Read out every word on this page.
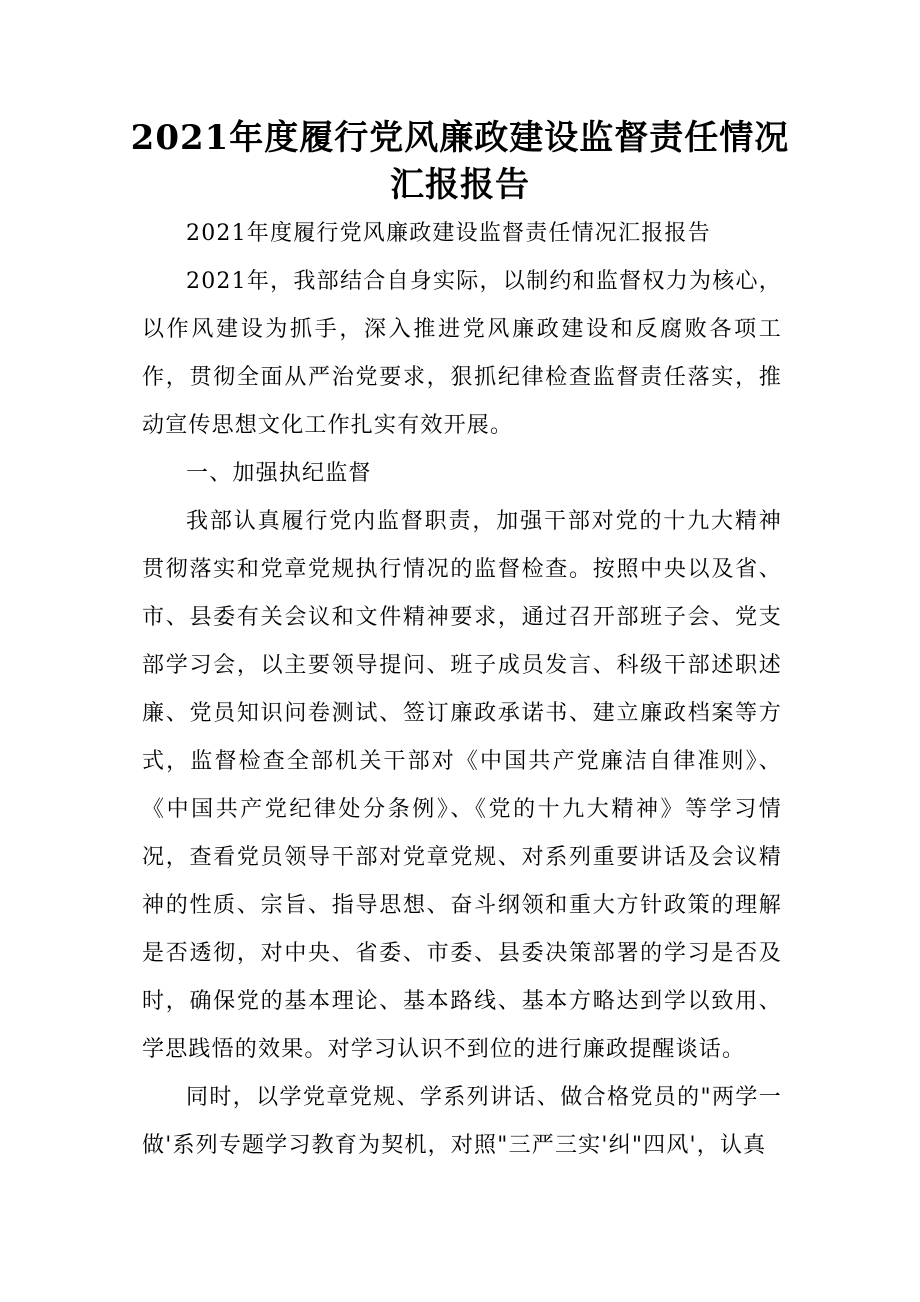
2021年度履行党风廉政建设监督责任情况
汇报报告

2021年度履行党风廉政建设监督责任情况汇报报告

2021年，我部结合自身实际，以制约和监督权力为核心，以作风建设为抓手，深入推进党风廉政建设和反腐败各项工作，贯彻全面从严治党要求，狠抓纪律检查监督责任落实，推动宣传思想文化工作扎实有效开展。

一、加强执纪监督

我部认真履行党内监督职责，加强干部对党的十九大精神贯彻落实和党章党规执行情况的监督检查。按照中央以及省、市、县委有关会议和文件精神要求，通过召开部班子会、党支部学习会，以主要领导提问、班子成员发言、科级干部述职述廉、党员知识问卷测试、签订廉政承诺书、建立廉政档案等方式，监督检查全部机关干部对《中国共产党廉洁自律准则》、《中国共产党纪律处分条例》、《党的十九大精神》等学习情况，查看党员领导干部对党章党规、对系列重要讲话及会议精神的性质、宗旨、指导思想、奋斗纲领和重大方针政策的理解是否透彻，对中央、省委、市委、县委决策部署的学习是否及时，确保党的基本理论、基本路线、基本方略达到学以致用、学思践悟的效果。对学习认识不到位的进行廉政提醒谈话。

同时，以学党章党规、学系列讲话、做合格党员的"两学一做'系列专题学习教育为契机，对照"三严三实'纠"四风'，认真
